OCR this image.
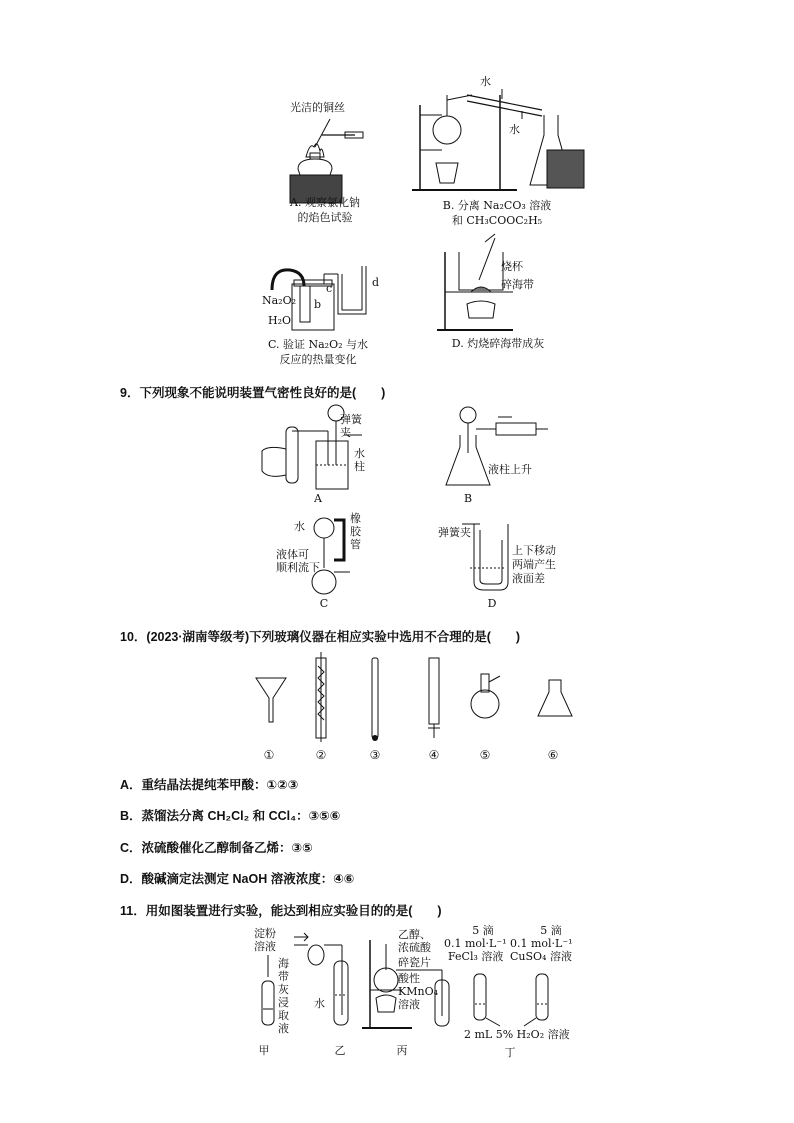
光洁的铜丝
A. 观察氯化钠
的焰色试验
水
水
B. 分离 Na₂CO₃ 溶液
和 CH₃COOC₂H₅
Na₂O₂
H₂O
b
c	d
C. 验证 Na₂O₂ 与水
反应的热量变化
烧杯
碎海带
D. 灼烧碎海带成灰
9．下列现象不能说明装置气密性良好的是(　　)
弹簧夹
水
柱
A
液柱上升
B
水
橡
胶
管
液体可
顺利流下
C
弹簧夹
上下移动
两端产生
液面差
D
10．(2023·湖南等级考)下列玻璃仪器在相应实验中选用不合理的是(　　)
①	②	③	④	⑤	⑥
A．重结晶法提纯苯甲酸：①②③
B．蒸馏法分离 CH₂Cl₂ 和 CCl₄：③⑤⑥
C．浓硫酸催化乙醇制备乙烯：③⑤
D．酸碱滴定法测定 NaOH 溶液浓度：④⑥
11．用如图装置进行实验，能达到相应实验目的的是(　　)
淀粉
溶液
海
带
灰
浸
取
液
甲
水
乙
乙醇、
浓硫酸
碎瓷片
酸性
KMnO₄
溶液
丙
5 滴
0.1 mol·L⁻¹
FeCl₃ 溶液
5 滴
0.1 mol·L⁻¹
CuSO₄ 溶液
2 mL 5% H₂O₂ 溶液
丁
